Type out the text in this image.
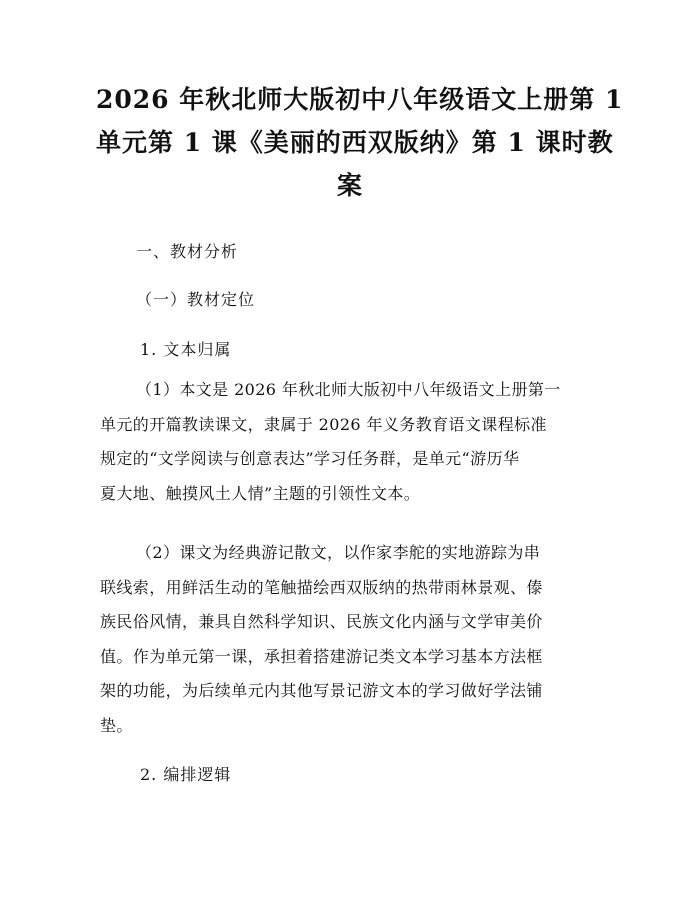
2026 年秋北师大版初中八年级语文上册第 1
单元第 1 课《美丽的西双版纳》第 1 课时教
案

一、教材分析

（一）教材定位

1. 文本归属

（1）本文是 2026 年秋北师大版初中八年级语文上册第一
单元的开篇教读课文，隶属于 2026 年义务教育语文课程标准
规定的“文学阅读与创意表达”学习任务群，是单元“游历华
夏大地、触摸风土人情”主题的引领性文本。
（2）课文为经典游记散文，以作家李舵的实地游踪为串
联线索，用鲜活生动的笔触描绘西双版纳的热带雨林景观、傣
族民俗风情，兼具自然科学知识、民族文化内涵与文学审美价
值。作为单元第一课，承担着搭建游记类文本学习基本方法框
架的功能，为后续单元内其他写景记游文本的学习做好学法铺
垫。

2. 编排逻辑
